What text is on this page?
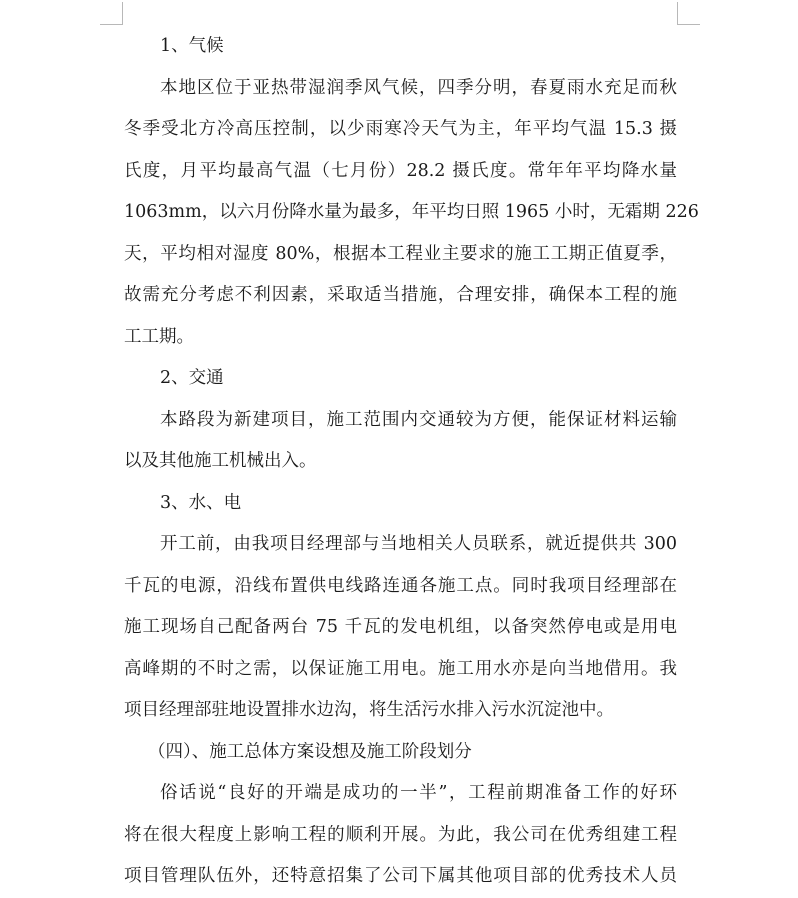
1、气候
本地区位于亚热带湿润季风气候，四季分明，春夏雨水充足而秋
冬季受北方冷高压控制，以少雨寒冷天气为主，年平均气温 15.3 摄
氏度，月平均最高气温（七月份）28.2 摄氏度。常年年平均降水量
1063mm，以六月份降水量为最多，年平均日照 1965 小时，无霜期 226
天，平均相对湿度 80%，根据本工程业主要求的施工工期正值夏季，
故需充分考虑不利因素，采取适当措施，合理安排，确保本工程的施
工工期。
2、交通
本路段为新建项目，施工范围内交通较为方便，能保证材料运输
以及其他施工机械出入。
3、水、电
开工前，由我项目经理部与当地相关人员联系，就近提供共 300
千瓦的电源，沿线布置供电线路连通各施工点。同时我项目经理部在
施工现场自己配备两台 75 千瓦的发电机组，以备突然停电或是用电
高峰期的不时之需，以保证施工用电。施工用水亦是向当地借用。我
项目经理部驻地设置排水边沟，将生活污水排入污水沉淀池中。
（四）、施工总体方案设想及施工阶段划分
俗话说“良好的开端是成功的一半”，工程前期准备工作的好环
将在很大程度上影响工程的顺利开展。为此，我公司在优秀组建工程
项目管理队伍外，还特意招集了公司下属其他项目部的优秀技术人员
